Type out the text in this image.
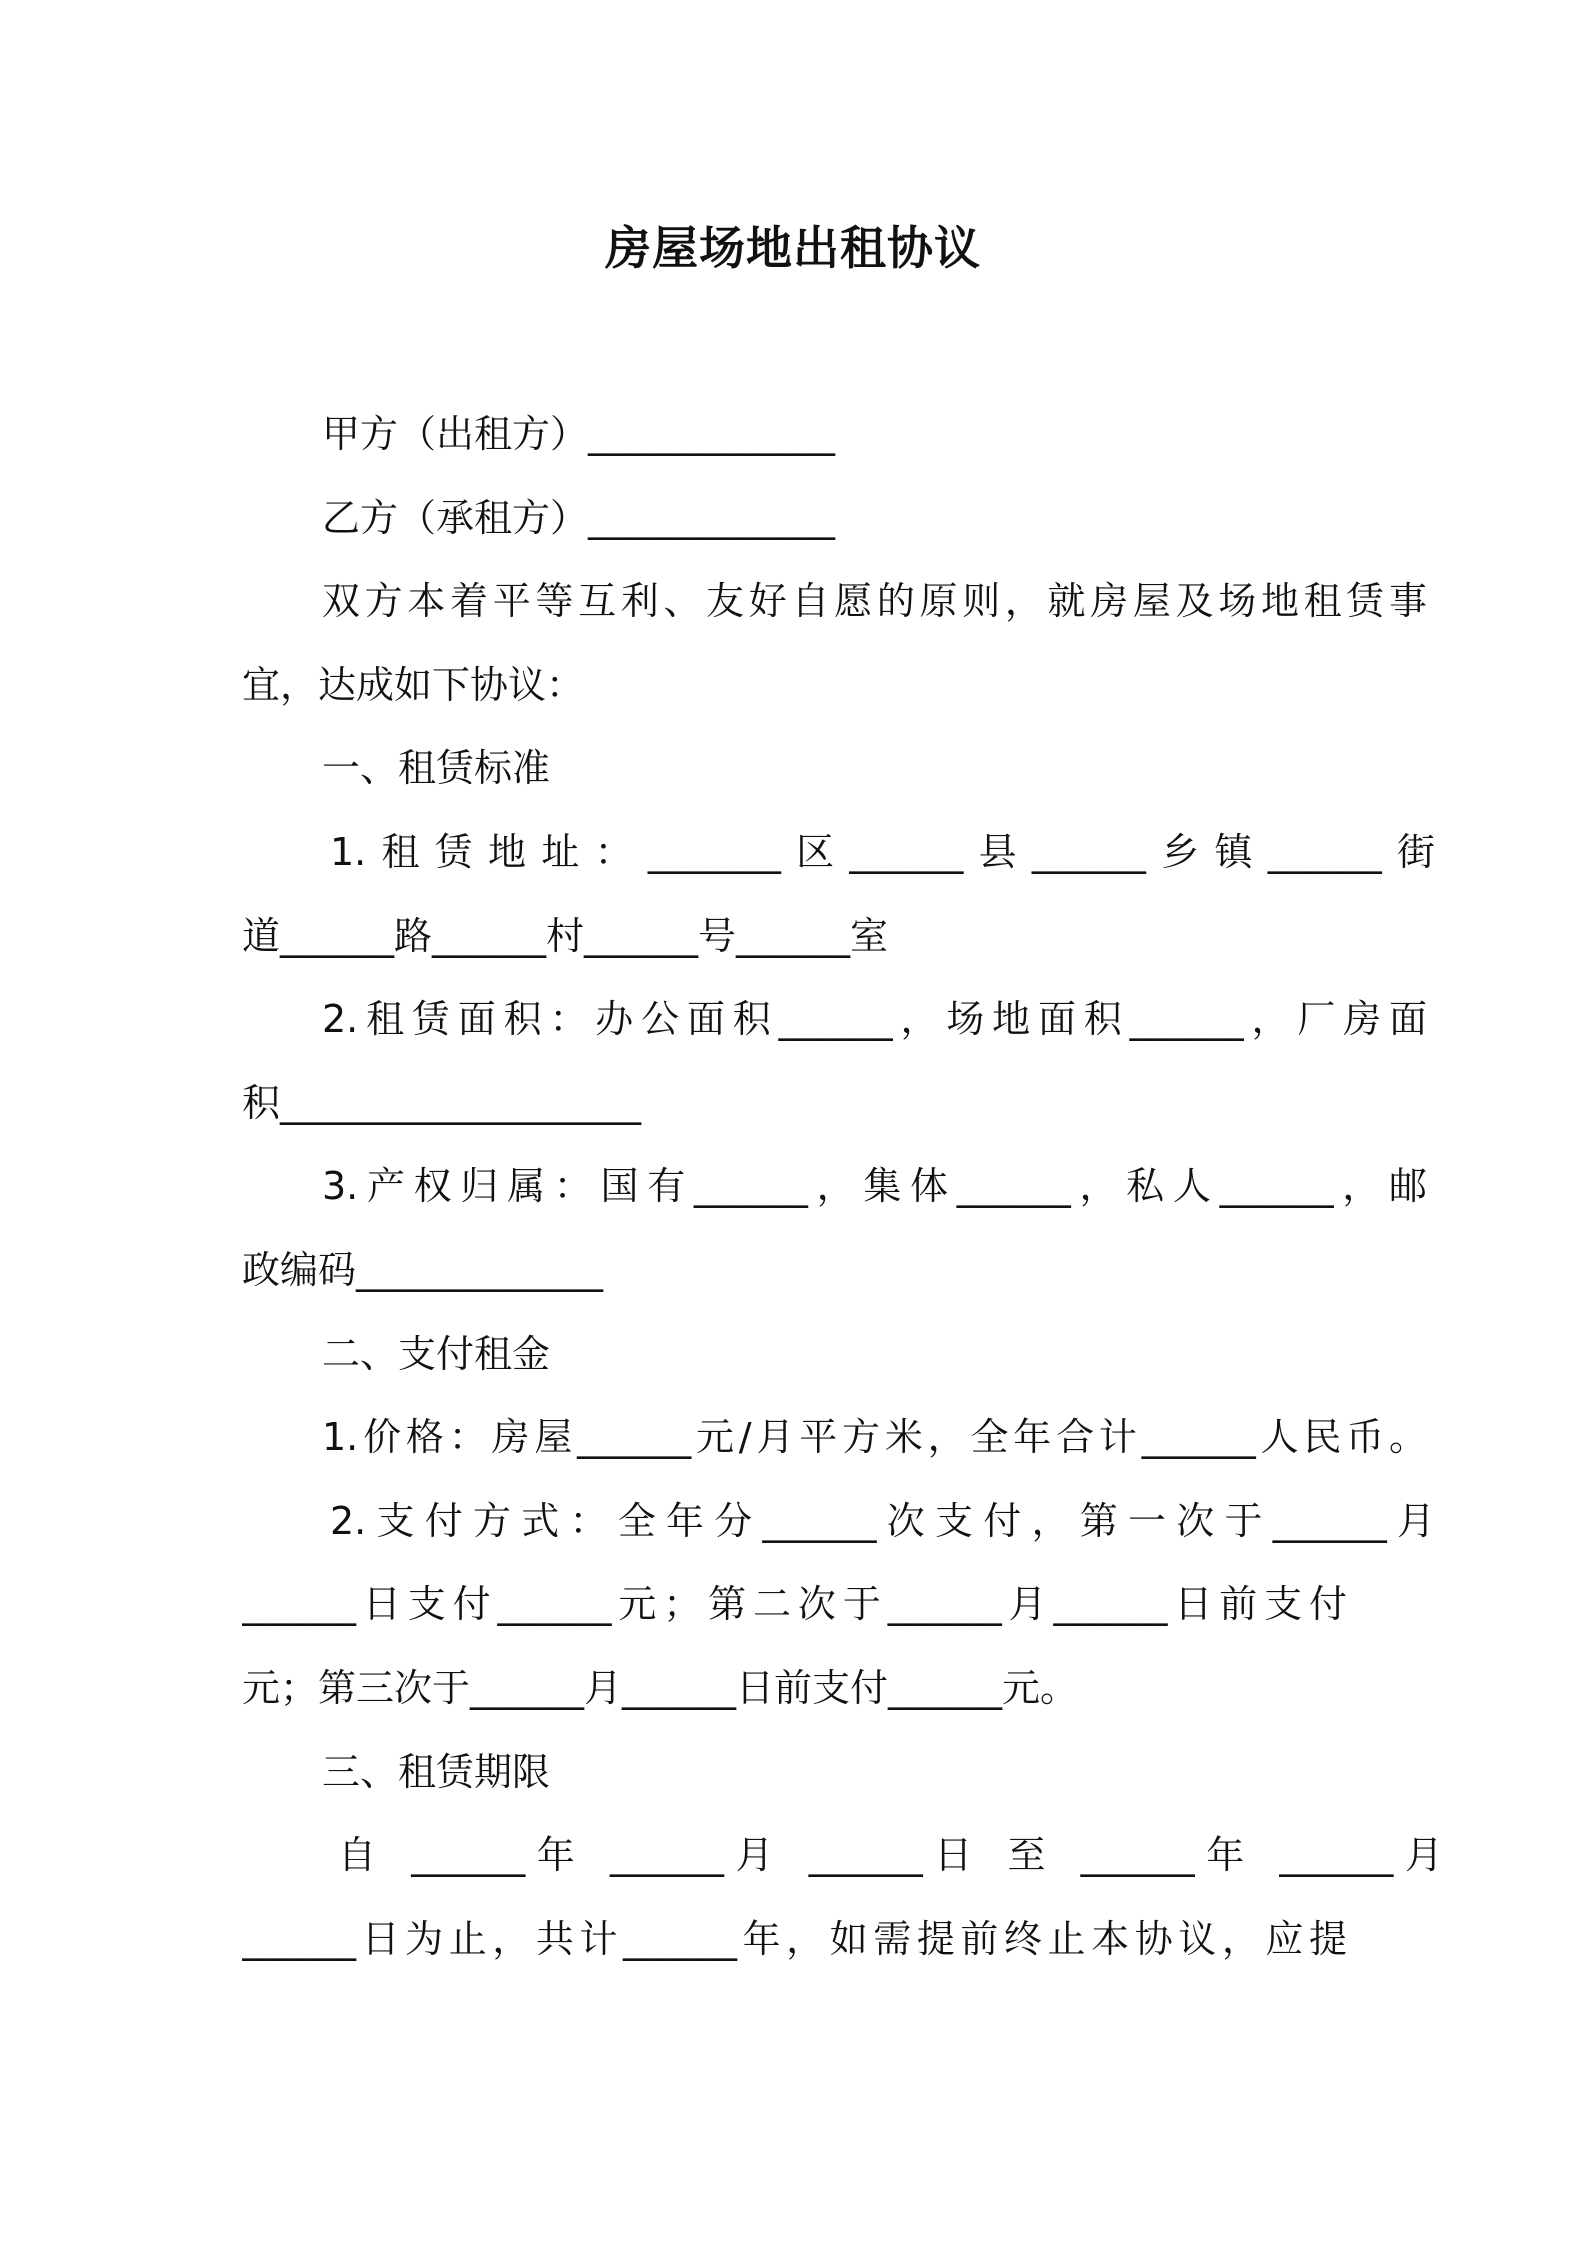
房屋场地出租协议
甲方（出租方）_____________
乙方（承租方）_____________
双方本着平等互利、友好自愿的原则，就房屋及场地租赁事
宜，达成如下协议：
一、租赁标准
1.租赁地址：_______区______县______乡镇______街
道______路______村______号______室
2.租赁面积：办公面积______，场地面积______，厂房面
积___________________
3.产权归属：国有______，集体______，私人______，邮
政编码_____________
二、支付租金
1.价格：房屋______元/月平方米，全年合计______人民币。
2.支付方式：全年分______次支付，第一次于______月
______日支付______元；第二次于______月______日前支付
元；第三次于______月______日前支付______元。
三、租赁期限
自 ______年 ______月 ______日 至 ______年 ______月
______日为止，共计______年，如需提前终止本协议，应提
